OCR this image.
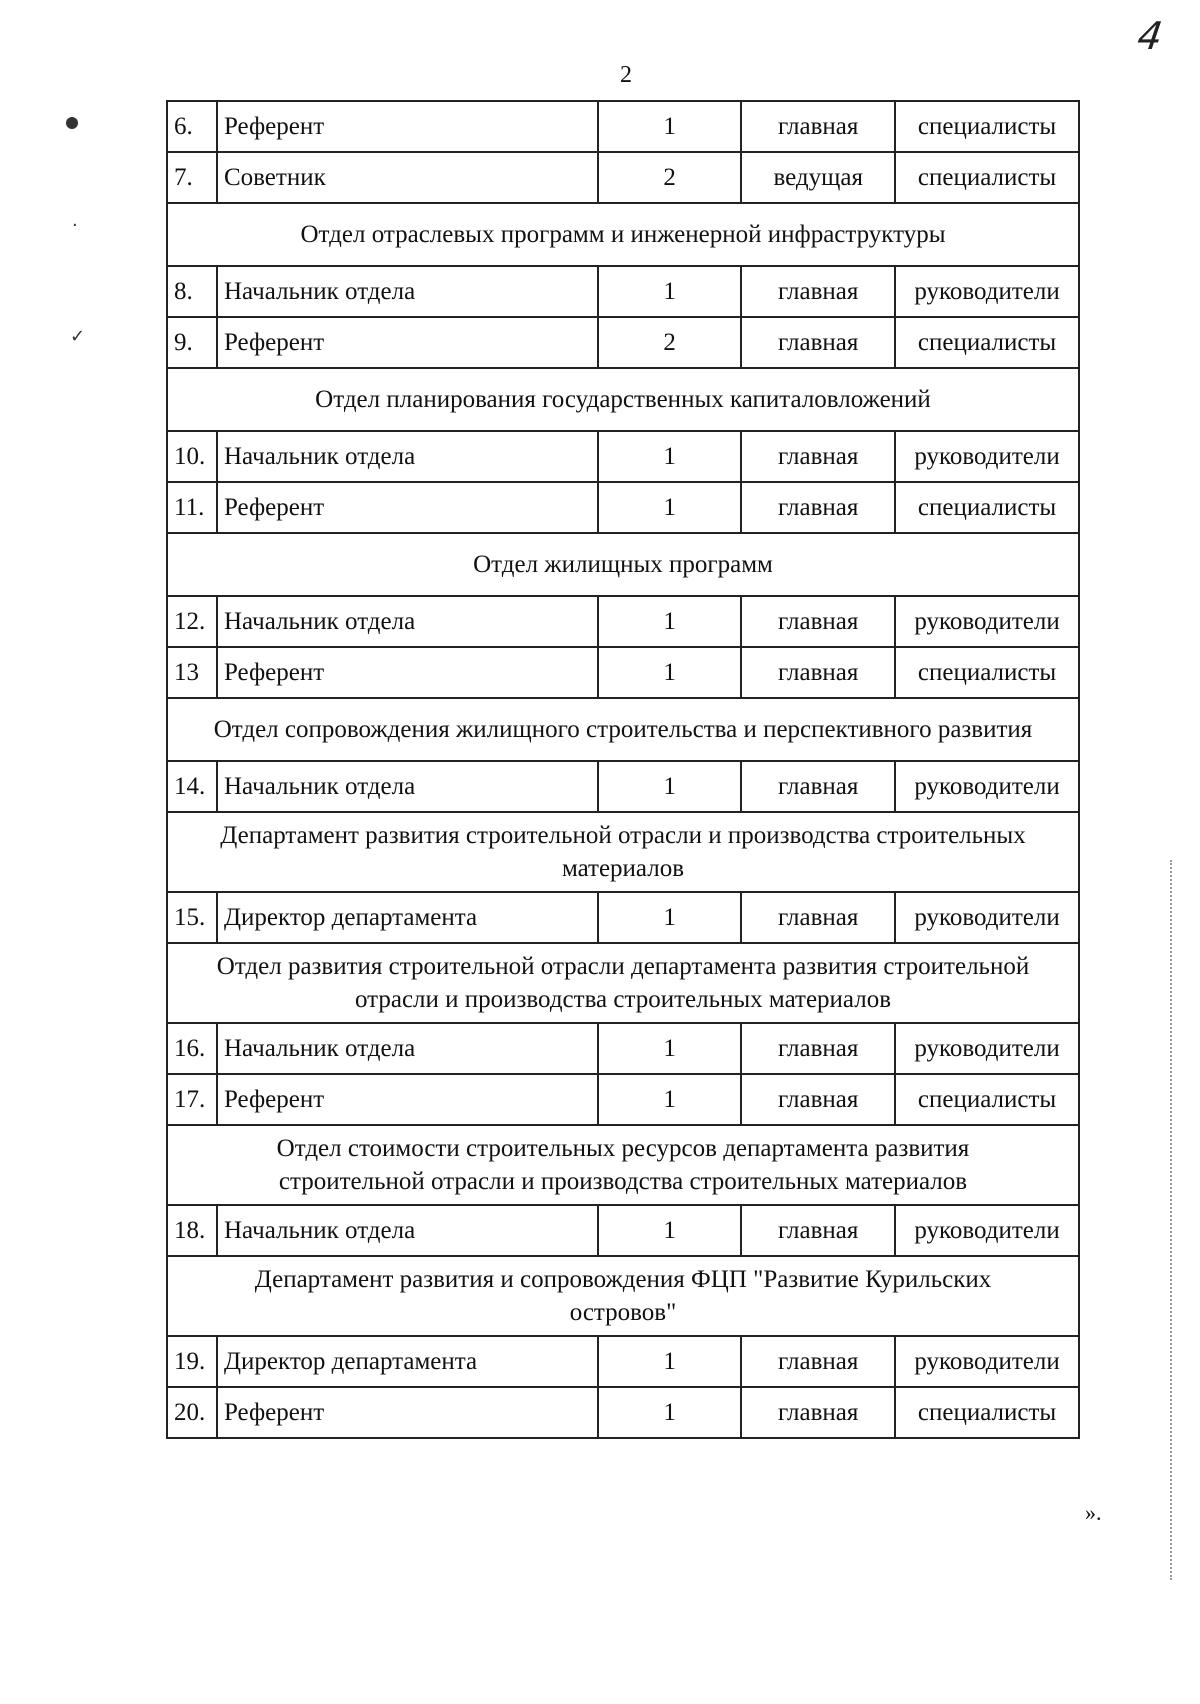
4
2
·
✓
6.	Референт	1	главная	специалисты
7.	Советник	2	ведущая	специалисты
Отдел отраслевых программ и инженерной инфраструктуры				
8.	Начальник отдела	1	главная	руководители
9.	Референт	2	главная	специалисты
Отдел планирования государственных капиталовложений				
10.	Начальник отдела	1	главная	руководители
11.	Референт	1	главная	специалисты
Отдел жилищных программ				
12.	Начальник отдела	1	главная	руководители
13	Референт	1	главная	специалисты
Отдел сопровождения жилищного строительства и перспективного развития				
14.	Начальник отдела	1	главная	руководители
Департамент развития строительной отрасли и производства строительных материалов				
15.	Директор департамента	1	главная	руководители
Отдел развития строительной отрасли департамента развития строительной отрасли и производства строительных материалов				
16.	Начальник отдела	1	главная	руководители
17.	Референт	1	главная	специалисты
Отдел стоимости строительных ресурсов департамента развития строительной отрасли и производства строительных материалов				
18.	Начальник отдела	1	главная	руководители
Департамент развития и сопровождения ФЦП "Развитие Курильских островов"				
19.	Директор департамента	1	главная	руководители
20.	Референт	1	главная	специалисты
».
